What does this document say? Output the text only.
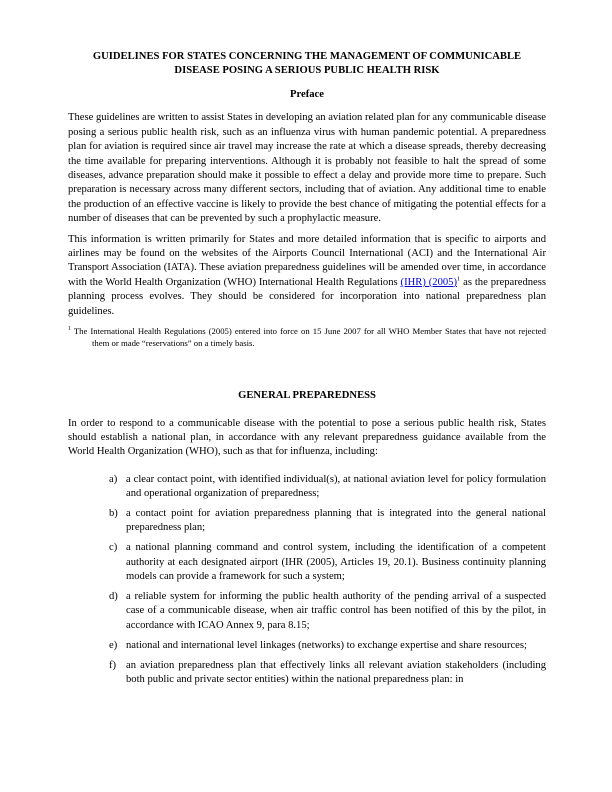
GUIDELINES FOR STATES CONCERNING THE MANAGEMENT OF COMMUNICABLE
DISEASE POSING A SERIOUS PUBLIC HEALTH RISK
Preface

These guidelines are written to assist States in developing an aviation related plan for any communicable disease posing a serious public health risk, such as an influenza virus with human pandemic potential. A preparedness plan for aviation is required since air travel may increase the rate at which a disease spreads, thereby decreasing the time available for preparing interventions. Although it is probably not feasible to halt the spread of some diseases, advance preparation should make it possible to effect a delay and provide more time to prepare. Such preparation is necessary across many different sectors, including that of aviation. Any additional time to enable the production of an effective vaccine is likely to provide the best chance of mitigating the potential effects for a number of diseases that can be prevented by such a prophylactic measure.

This information is written primarily for States and more detailed information that is specific to airports and airlines may be found on the websites of the Airports Council International (ACI) and the International Air Transport Association (IATA). These aviation preparedness guidelines will be amended over time, in accordance with the World Health Organization (WHO) International Health Regulations (IHR) (2005)$^1$ as the preparedness planning process evolves. They should be considered for incorporation into national preparedness plan guidelines.

$^1$ The International Health Regulations (2005) entered into force on 15 June 2007 for all WHO Member States that have not rejected them or made “reservations” on a timely basis.
GENERAL PREPAREDNESS

In order to respond to a communicable disease with the potential to pose a serious public health risk, States should establish a national plan, in accordance with any relevant preparedness guidance available from the World Health Organization (WHO), such as that for influenza, including:

a) a clear contact point, with identified individual(s), at national aviation level for policy formulation and operational organization of preparedness;
b) a contact point for aviation preparedness planning that is integrated into the general national preparedness plan;
c) a national planning command and control system, including the identification of a competent authority at each designated airport (IHR (2005), Articles 19, 20.1). Business continuity planning models can provide a framework for such a system;
d) a reliable system for informing the public health authority of the pending arrival of a suspected case of a communicable disease, when air traffic control has been notified of this by the pilot, in accordance with ICAO Annex 9, para 8.15;
e) national and international level linkages (networks) to exchange expertise and share resources;
f) an aviation preparedness plan that effectively links all relevant aviation stakeholders (including both public and private sector entities) within the national preparedness plan: in
